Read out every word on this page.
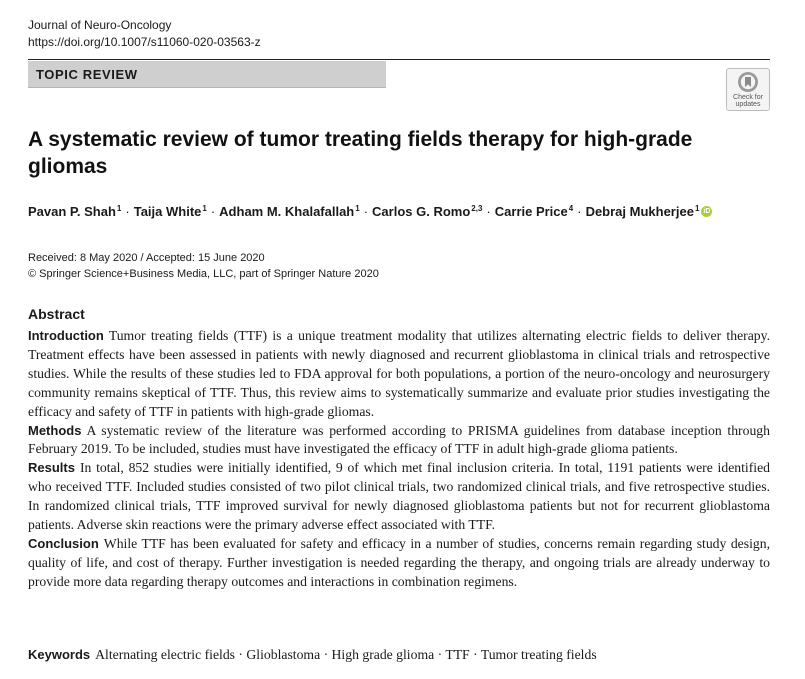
Journal of Neuro-Oncology
https://doi.org/10.1007/s11060-020-03563-z
TOPIC REVIEW
Check for
updates
A systematic review of tumor treating fields therapy for high-grade gliomas
Pavan P. Shah$^1$ · Taija White$^1$ · Adham M. Khalafallah$^1$ · Carlos G. Romo$^{2,3}$ · Carrie Price$^4$ · Debraj Mukherjee$^1$ iD
Received: 8 May 2020 / Accepted: 15 June 2020
© Springer Science+Business Media, LLC, part of Springer Nature 2020
Abstract

Introduction Tumor treating fields (TTF) is a unique treatment modality that utilizes alternating electric fields to deliver therapy. Treatment effects have been assessed in patients with newly diagnosed and recurrent glioblastoma in clinical trials and retrospective studies. While the results of these studies led to FDA approval for both populations, a portion of the neuro-oncology and neurosurgery community remains skeptical of TTF. Thus, this review aims to systematically summarize and evaluate prior studies investigating the efficacy and safety of TTF in patients with high-grade gliomas.

Methods A systematic review of the literature was performed according to PRISMA guidelines from database inception through February 2019. To be included, studies must have investigated the efficacy of TTF in adult high-grade glioma patients.

Results In total, 852 studies were initially identified, 9 of which met final inclusion criteria. In total, 1191 patients were identified who received TTF. Included studies consisted of two pilot clinical trials, two randomized clinical trials, and five retrospective studies. In randomized clinical trials, TTF improved survival for newly diagnosed glioblastoma patients but not for recurrent glioblastoma patients. Adverse skin reactions were the primary adverse effect associated with TTF.

Conclusion While TTF has been evaluated for safety and efficacy in a number of studies, concerns remain regarding study design, quality of life, and cost of therapy. Further investigation is needed regarding the therapy, and ongoing trials are already underway to provide more data regarding therapy outcomes and interactions in combination regimens.

Keywords Alternating electric fields · Glioblastoma · High grade glioma · TTF · Tumor treating fields
